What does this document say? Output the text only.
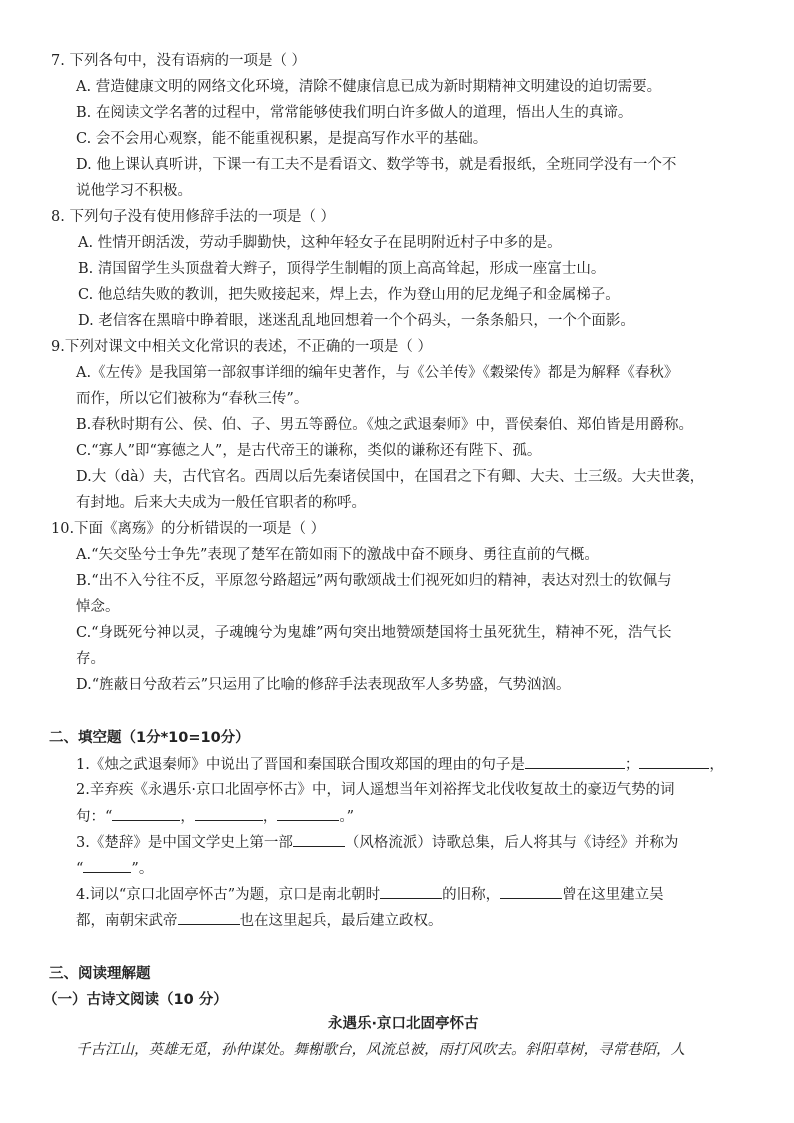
7. 下列各句中，没有语病的一项是（ ）
A. 营造健康文明的网络文化环境，清除不健康信息已成为新时期精神文明建设的迫切需要。
B. 在阅读文学名著的过程中，常常能够使我们明白许多做人的道理，悟出人生的真谛。
C. 会不会用心观察，能不能重视积累，是提高写作水平的基础。
D. 他上课认真听讲，下课一有工夫不是看语文、数学等书，就是看报纸，全班同学没有一个不
说他学习不积极。
8. 下列句子没有使用修辞手法的一项是（ ）
A. 性情开朗活泼，劳动手脚勤快，这种年轻女子在昆明附近村子中多的是。
B. 清国留学生头顶盘着大辫子，顶得学生制帽的顶上高高耸起，形成一座富士山。
C. 他总结失败的教训，把失败接起来，焊上去，作为登山用的尼龙绳子和金属梯子。
D. 老信客在黑暗中睁着眼，迷迷乱乱地回想着一个个码头，一条条船只，一个个面影。
9.下列对课文中相关文化常识的表述，不正确的一项是（ ）
A.《左传》是我国第一部叙事详细的编年史著作，与《公羊传》《穀梁传》都是为解释《春秋》
而作，所以它们被称为“春秋三传”。
B.春秋时期有公、侯、伯、子、男五等爵位。《烛之武退秦师》中，晋侯秦伯、郑伯皆是用爵称。
C.“寡人”即“寡德之人”，是古代帝王的谦称，类似的谦称还有陛下、孤。
D.大（dà）夫，古代官名。西周以后先秦诸侯国中，在国君之下有卿、大夫、士三级。大夫世袭，
有封地。后来大夫成为一般任官职者的称呼。
10.下面《离殇》的分析错误的一项是（ ）
A.“矢交坠兮士争先”表现了楚军在箭如雨下的激战中奋不顾身、勇往直前的气概。
B.“出不入兮往不反，平原忽兮路超远”两句歌颂战士们视死如归的精神，表达对烈士的钦佩与
悼念。
C.“身既死兮神以灵，子魂魄兮为鬼雄”两句突出地赞颂楚国将士虽死犹生，精神不死，浩气长
存。
D.“旌蔽日兮敌若云”只运用了比喻的修辞手法表现敌军人多势盛，气势汹汹。
二、填空题（1分*10=10分）
1.《烛之武退秦师》中说出了晋国和秦国联合围攻郑国的理由的句子是	；	，
2.辛弃疾《永遇乐·京口北固亭怀古》中，词人遥想当年刘裕挥戈北伐收复故土的豪迈气势的词
句：“	，	，	。”
3.《楚辞》是中国文学史上第一部	（风格流派）诗歌总集，后人将其与《诗经》并称为
“	”。
4.词以“京口北固亭怀古”为题，京口是南北朝时	的旧称，	曾在这里建立吴
都，南朝宋武帝	也在这里起兵，最后建立政权。
三、阅读理解题
（一）古诗文阅读（10 分）
永遇乐·京口北固亭怀古
千古江山，英雄无觅，孙仲谋处。舞榭歌台，风流总被，雨打风吹去。斜阳草树，寻常巷陌，人
